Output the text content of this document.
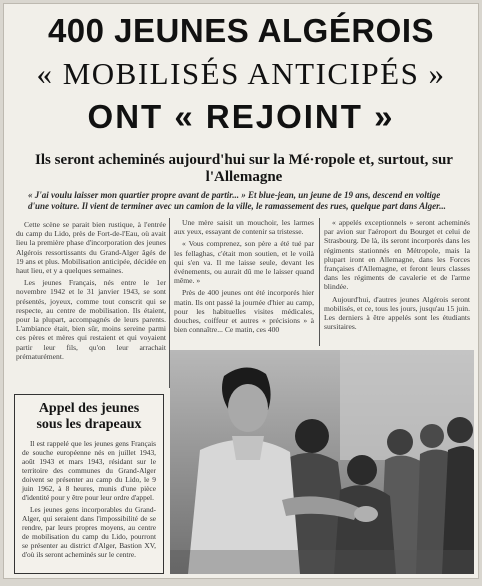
400 JEUNES ALGÉROIS
« MOBILISÉS ANTICIPÉS »
ONT « REJOINT »
Ils seront acheminés aujourd'hui sur la Mé·ropole et, surtout, sur l'Allemagne
« J'ai voulu laisser mon quartier propre avant de partir... » Et blue-jean, un jeune de 19 ans, descend en voltige d'une voiture. Il vient de terminer avec un camion de la ville, le ramassement des rues, quelque part dans Alger...

Cette scène se parait bien rustique, à l'entrée du camp du Lido, près de Fort-de-l'Eau, où avait lieu la première phase d'incorporation des jeunes Algérois ressortissants du Grand-Alger âgés de 19 ans et plus. Mobilisation anticipée, décidée en haut lieu, et y a quelques semaines.

Les jeunes Français, nés entre le 1er novembre 1942 et le 31 janvier 1943, se sont présentés, joyeux, comme tout conscrit qui se respecte, au centre de mobilisation. Ils étaient, pour la plupart, accompagnés de leurs parents. L'ambiance était, bien sûr, moins sereine parmi ces pères et mères qui restaient et qui voyaient partir leur fils, qu'on leur arrachait prématurément.

Une mère saisit un mouchoir, les larmes aux yeux, essayant de contenir sa tristesse.

« Vous comprenez, son père a été tué par les fellaghas, c'était mon soutien, et le voilà qui s'en va. Il me laisse seule, devant les événements, ou aurait dû me le laisser quand même. »

Près de 400 jeunes ont été incorporés hier matin. Ils ont passé la journée d'hier au camp, pour les habituelles visites médicales, douches, coiffeur et autres « précisions » à bien connaître... Ce matin, ces 400

« appelés exceptionnels » seront acheminés par avion sur l'aéroport du Bourget et celui de Strasbourg. De là, ils seront incorporés dans les régiments stationnés en Métropole, mais la plupart iront en Allemagne, dans les Forces françaises d'Allemagne, et feront leurs classes dans les régiments de cavalerie et de l'arme blindée.

Aujourd'hui, d'autres jeunes Algérois seront mobilisés, et ce, tous les jours, jusqu'au 15 juin. Les derniers à être appelés sont les étudiants sursitaires.

Appel des jeunes
sous les drapeaux

Il est rappelé que les jeunes gens Français de souche européenne nés en juillet 1943, août 1943 et mars 1943, résidant sur le territoire des communes du Grand-Alger doivent se présenter au camp du Lido, le 9 juin 1962, à 8 heures, munis d'une pièce d'identité pour y être pour leur ordre d'appel.

Les jeunes gens incorporables du Grand-Alger, qui seraient dans l'impossibilité de se rendre, par leurs propres moyens, au centre de mobilisation du camp du Lido, pourront se présenter au district d'Alger, Bastion XV, d'où ils seront acheminés sur le centre.
